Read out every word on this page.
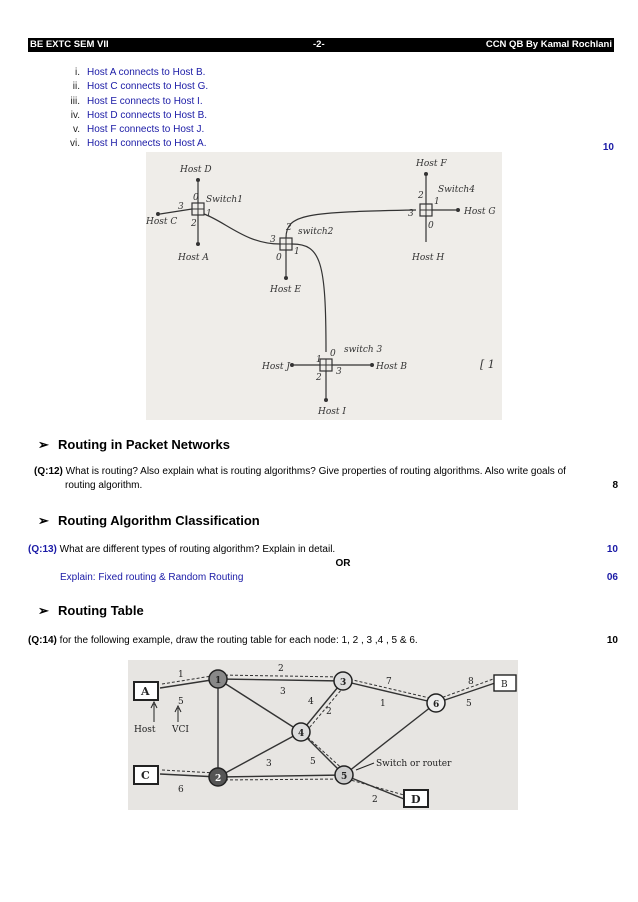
BE EXTC SEM VII	-2-	CCN QB By Kamal Rochlani
i. Host A connects to Host B.
ii. Host C connects to Host G.
iii. Host E connects to Host I.
iv. Host D connects to Host B.
v. Host F connects to Host J.
vi. Host H connects to Host A.	10
Host D
Host C
Host A
Switch1
0
1
2
3
Host E
switch2
2
3
1
0
Host F
Host G
Host H
Switch4
2
1
3
0
Host J	Host B
Host I
switch 3
0
1
3
2
[ 1
➢ Routing in Packet Networks
(Q:12) What is routing? Also explain what is routing algorithms? Give properties of routing algorithms. Also write goals of
routing algorithm.	8
➢ Routing Algorithm Classification
(Q:13) What are different types of routing algorithm? Explain in detail.	10
OR
Explain: Fixed routing & Random Routing	06
➢ Routing Table
(Q:14) for the following example, draw the routing table for each node: 1, 2 , 3 ,4 , 5 & 6.	10
A
C
B
D
1
2
3
4
5
6
1
5
2
3
4
2
7
1
8
5
3	5
6
2
Host VCI
Switch or router
